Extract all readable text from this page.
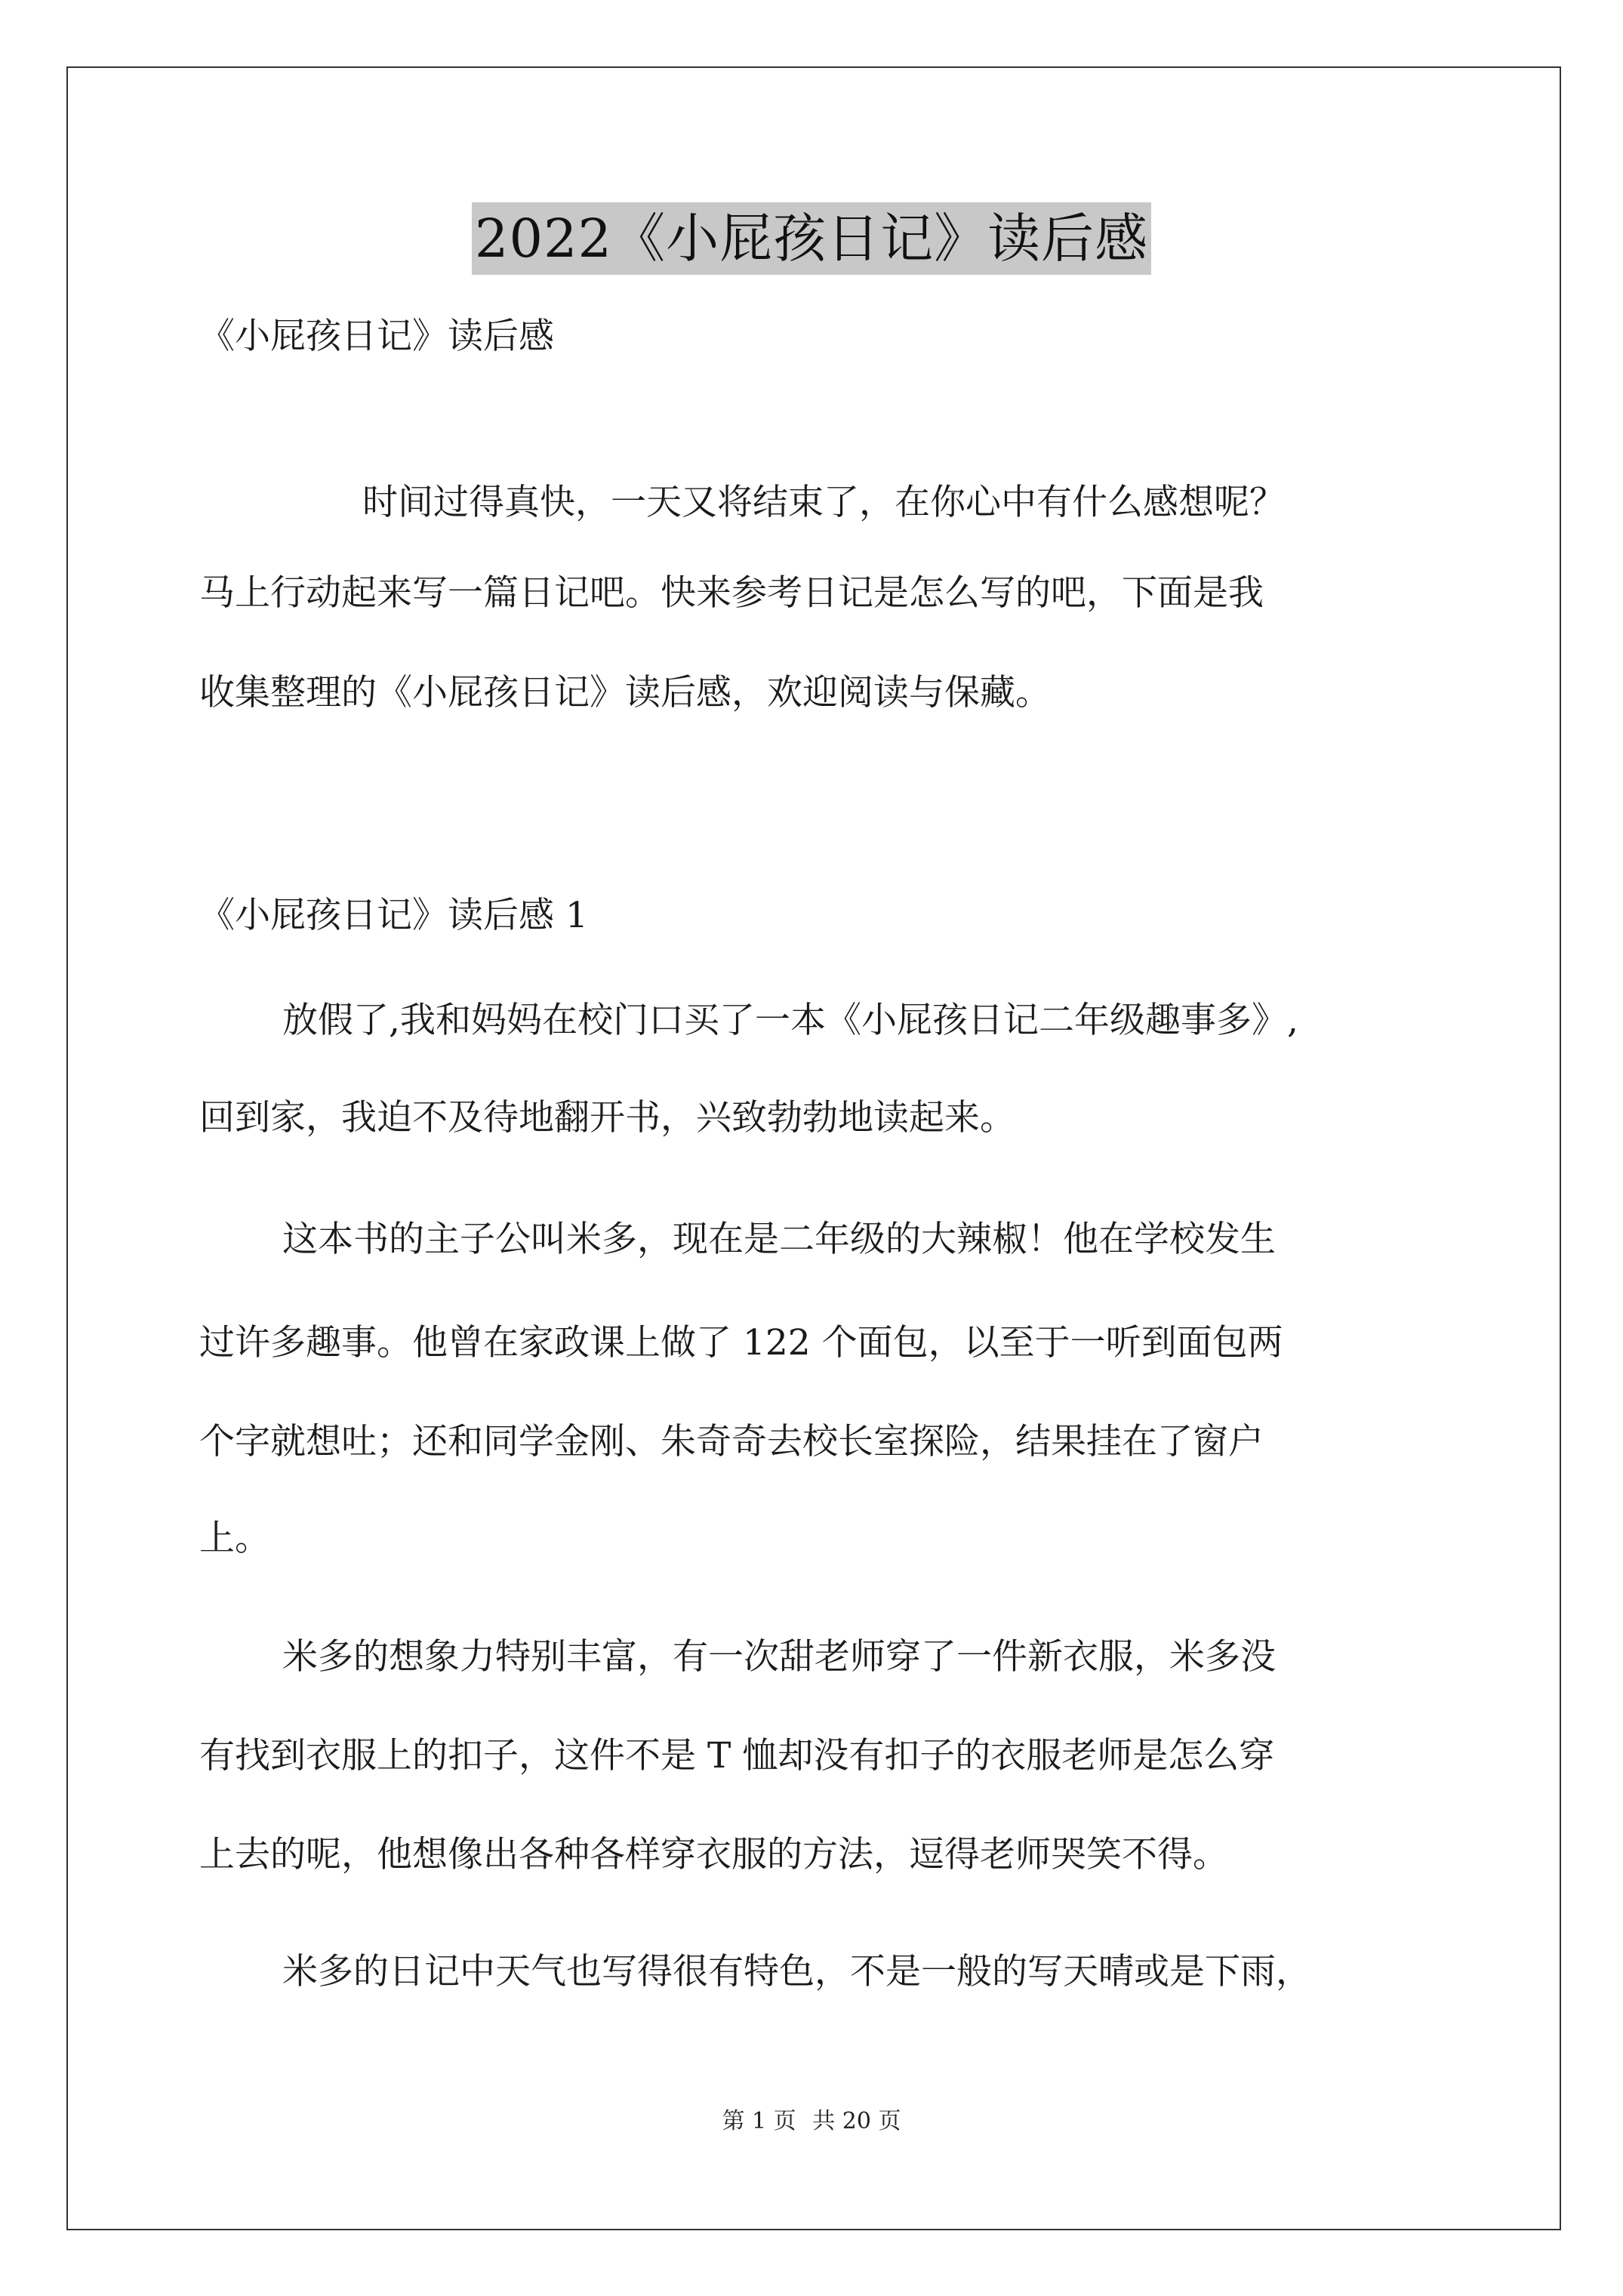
2022《小屁孩日记》读后感
《小屁孩日记》读后感
时间过得真快，一天又将结束了，在你心中有什么感想呢？
马上行动起来写一篇日记吧。快来参考日记是怎么写的吧，下面是我
收集整理的《小屁孩日记》读后感，欢迎阅读与保藏。
《小屁孩日记》读后感 1
放假了,我和妈妈在校门口买了一本《小屁孩日记二年级趣事多》,
回到家，我迫不及待地翻开书，兴致勃勃地读起来。
这本书的主子公叫米多，现在是二年级的大辣椒！他在学校发生
过许多趣事。他曾在家政课上做了 122 个面包，以至于一听到面包两
个字就想吐；还和同学金刚、朱奇奇去校长室探险，结果挂在了窗户
上。
米多的想象力特别丰富，有一次甜老师穿了一件新衣服，米多没
有找到衣服上的扣子，这件不是 T 恤却没有扣子的衣服老师是怎么穿
上去的呢，他想像出各种各样穿衣服的方法，逗得老师哭笑不得。
米多的日记中天气也写得很有特色，不是一般的写天晴或是下雨，
第 1 页 共 20 页
